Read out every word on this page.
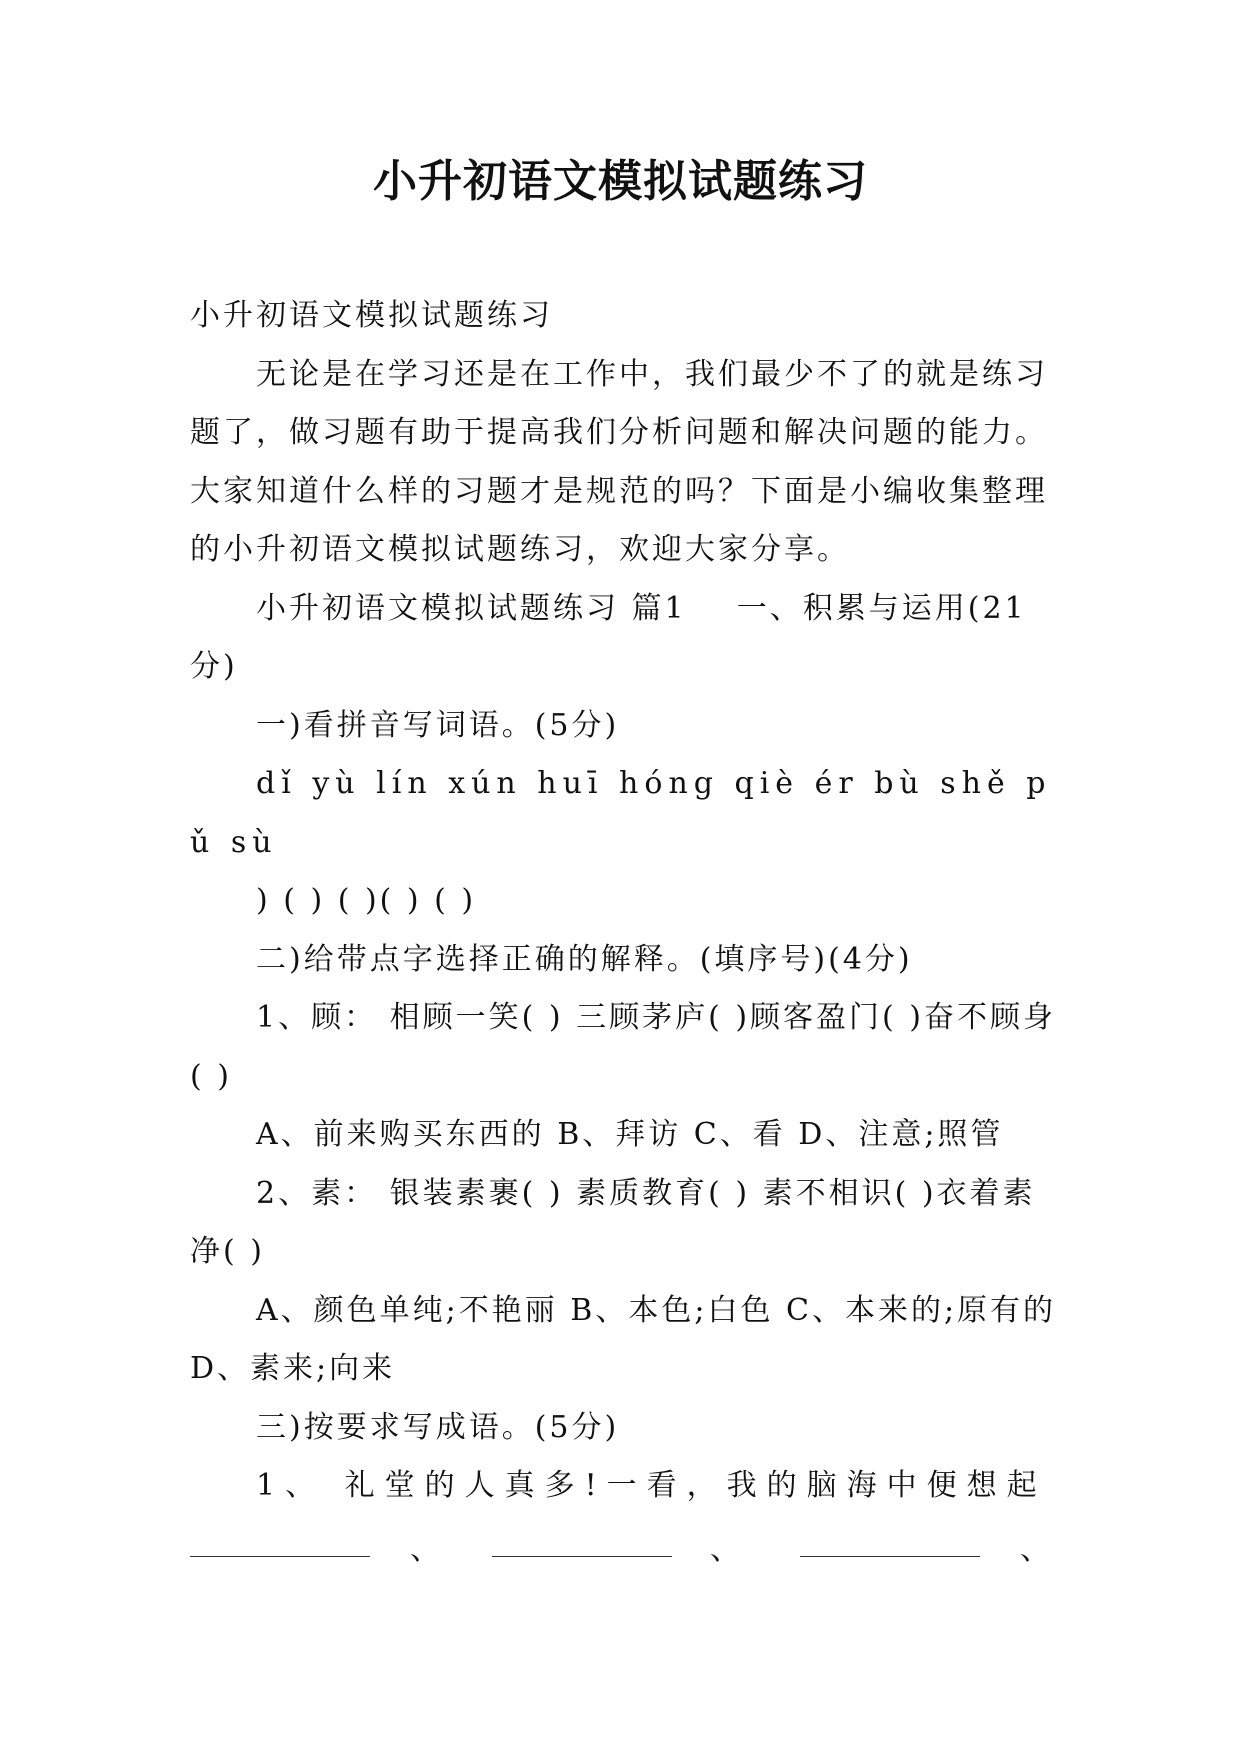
小升初语文模拟试题练习

小升初语文模拟试题练习

无论是在学习还是在工作中，我们最少不了的就是练习题了，做习题有助于提高我们分析问题和解决问题的能力。大家知道什么样的习题才是规范的吗？下面是小编收集整理的小升初语文模拟试题练习，欢迎大家分享。

小升初语文模拟试题练习 篇1    一、积累与运用(21分)

一)看拼音写词语。(5分)

dǐ yù lín xún huī hóng qiè ér bù shě pǔ sù

) ( ) ( )( ) ( )

二)给带点字选择正确的解释。(填序号)(4分)

1、顾： 相顾一笑( ) 三顾茅庐( )顾客盈门( )奋不顾身( )

A、前来购买东西的 B、拜访 C、看 D、注意;照管

2、素： 银装素裹( ) 素质教育( ) 素不相识( )衣着素净( )

A、颜色单纯;不艳丽 B、本色;白色 C、本来的;原有的 D、素来;向来

三)按要求写成语。(5分)

1、 礼堂的人真多!一看，我的脑海中便想起

、	、	、
